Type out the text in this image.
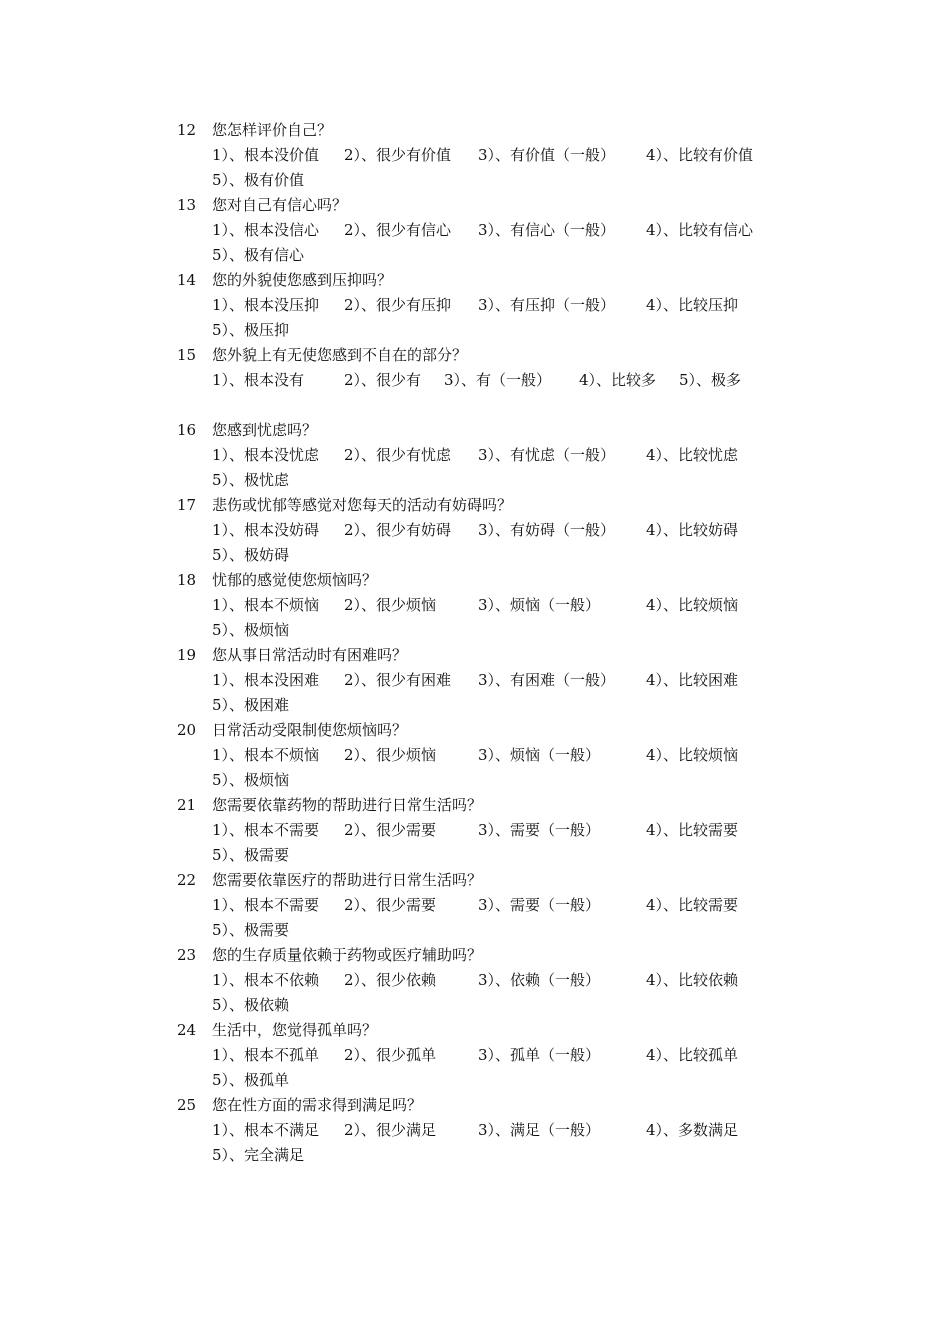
12 您怎样评价自己？
1）、根本没价值 2）、很少有价值 3）、有价值（一般） 4）、比较有价值
5）、极有价值
13 您对自己有信心吗？
1）、根本没信心 2）、很少有信心 3）、有信心（一般） 4）、比较有信心
5）、极有信心
14 您的外貌使您感到压抑吗？
1）、根本没压抑 2）、很少有压抑 3）、有压抑（一般） 4）、比较压抑
5）、极压抑
15 您外貌上有无使您感到不自在的部分？
1）、根本没有	2）、很少有 3）、有（一般） 4）、比较多 5）、极多
16 您感到忧虑吗？
1）、根本没忧虑 2）、很少有忧虑 3）、有忧虑（一般） 4）、比较忧虑
5）、极忧虑
17 悲伤或忧郁等感觉对您每天的活动有妨碍吗？
1）、根本没妨碍 2）、很少有妨碍 3）、有妨碍（一般） 4）、比较妨碍
5）、极妨碍
18 忧郁的感觉使您烦恼吗？
1）、根本不烦恼 2）、很少烦恼	3）、烦恼（一般）	4）、比较烦恼
5）、极烦恼
19 您从事日常活动时有困难吗？
1）、根本没困难 2）、很少有困难 3）、有困难（一般） 4）、比较困难
5）、极困难
20 日常活动受限制使您烦恼吗？
1）、根本不烦恼 2）、很少烦恼	3）、烦恼（一般）	4）、比较烦恼
5）、极烦恼
21 您需要依靠药物的帮助进行日常生活吗？
1）、根本不需要 2）、很少需要	3）、需要（一般）	4）、比较需要
5）、极需要
22 您需要依靠医疗的帮助进行日常生活吗？
1）、根本不需要 2）、很少需要	3）、需要（一般）	4）、比较需要
5）、极需要
23 您的生存质量依赖于药物或医疗辅助吗？
1）、根本不依赖 2）、很少依赖	3）、依赖（一般）	4）、比较依赖
5）、极依赖
24 生活中，您觉得孤单吗？
1）、根本不孤单 2）、很少孤单	3）、孤单（一般）	4）、比较孤单
5）、极孤单
25 您在性方面的需求得到满足吗？
1）、根本不满足 2）、很少满足	3）、满足（一般）	4）、多数满足
5）、完全满足
